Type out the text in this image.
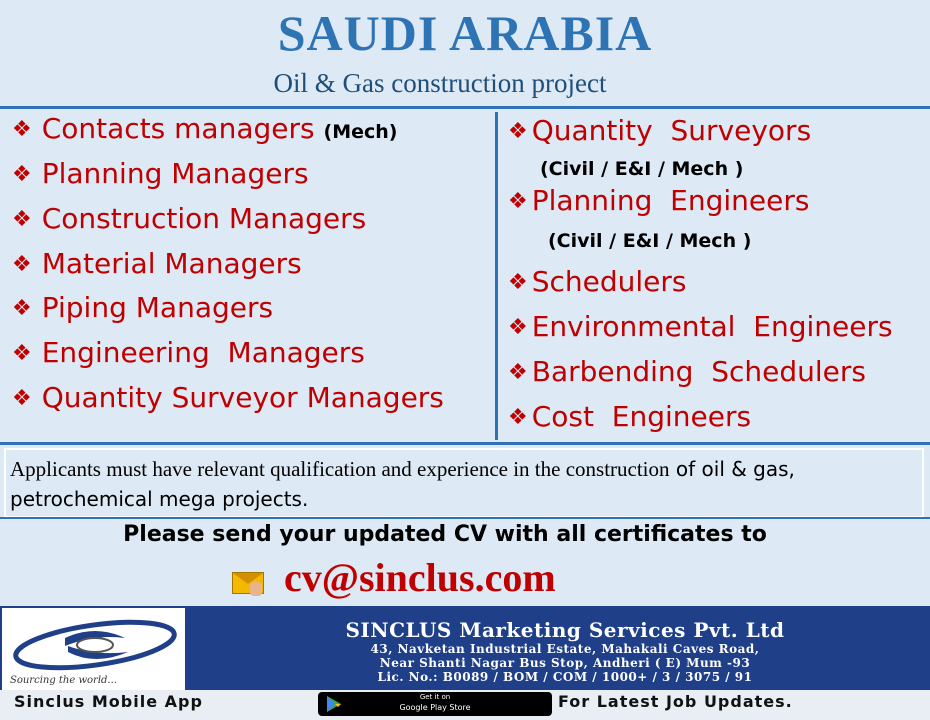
SAUDI ARABIA
Oil & Gas construction project
❖ Contacts managers (Mech)
❖ Planning Managers
❖ Construction Managers
❖ Material Managers
❖ Piping Managers
❖ Engineering  Managers
❖ Quantity Surveyor Managers
❖ Quantity  Surveyors
(Civil / E&I / Mech )
❖ Planning  Engineers
(Civil / E&I / Mech )
❖ Schedulers
❖ Environmental  Engineers
❖ Barbending  Schedulers
❖ Cost  Engineers
Applicants must have relevant qualification and experience in the construction of oil & gas, petrochemical mega projects.
Please send your updated CV with all certificates to
cv@sinclus.com
Sourcing the world...
SINCLUS Marketing Services Pvt. Ltd
43, Navketan Industrial Estate, Mahakali Caves Road,
Near Shanti Nagar Bus Stop, Andheri ( E) Mum -93
Lic. No.: B0089 / BOM / COM / 1000+ / 3 / 3075 / 91
Sinclus Mobile App	Get it on
Google Play Store	For Latest Job Updates.
